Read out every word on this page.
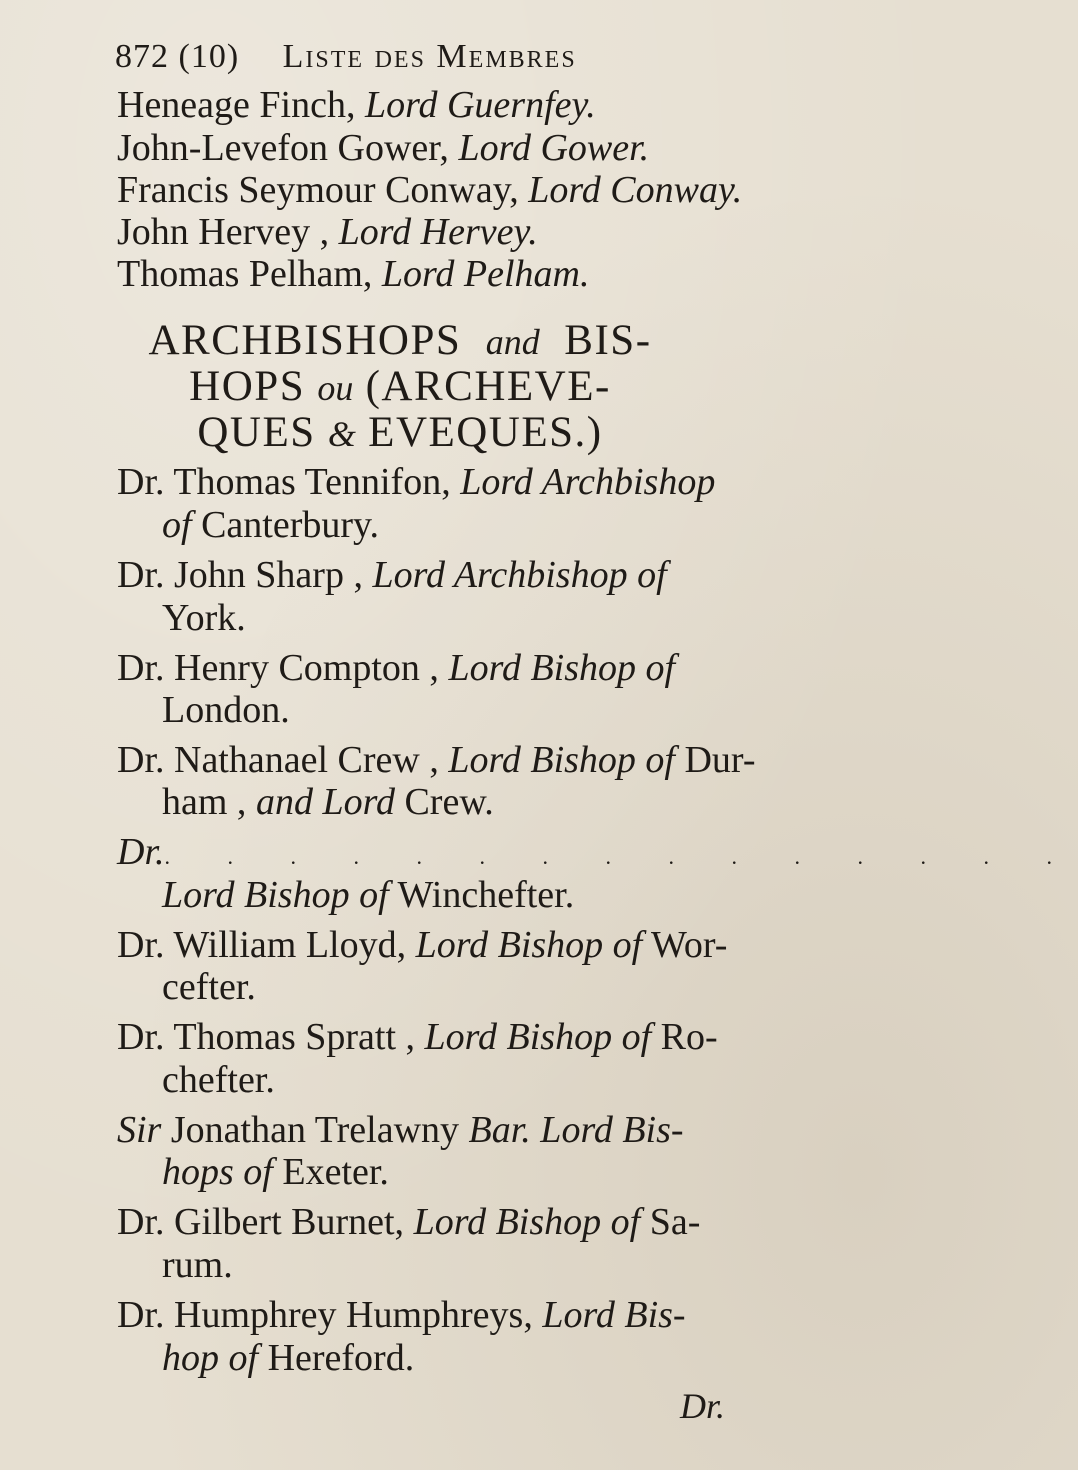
872 (10) Liste des Membres
Heneage Finch, Lord Guernfey.
John-Levefon Gower, Lord Gower.
Francis Seymour Conway, Lord Conway.
John Hervey , Lord Hervey.
Thomas Pelham, Lord Pelham.
ARCHBISHOPS and BIS-
HOPS ou (ARCHEVE-
QUES & EVEQUES.)
Dr. Thomas Tennifon, Lord Archbishop
of Canterbury.
Dr. John Sharp , Lord Archbishop of
York.
Dr. Henry Compton , Lord Bishop of
London.
Dr. Nathanael Crew , Lord Bishop of Dur-
ham , and Lord Crew.
Dr.. . . . . . . . . . . . . . .
Lord Bishop of Winchefter.
Dr. William Lloyd, Lord Bishop of Wor-
cefter.
Dr. Thomas Spratt , Lord Bishop of Ro-
chefter.
Sir Jonathan Trelawny Bar. Lord Bis-
hops of Exeter.
Dr. Gilbert Burnet, Lord Bishop of Sa-
rum.
Dr. Humphrey Humphreys, Lord Bis-
hop of Hereford.
Dr.
